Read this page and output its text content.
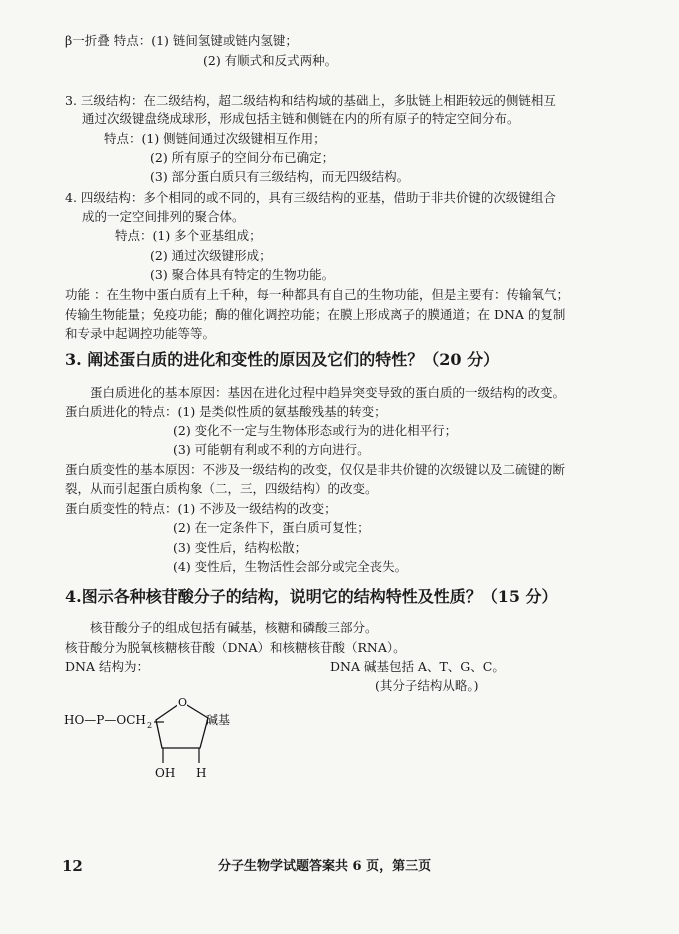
β一折叠 特点：(1) 链间氢键或链内氢键；
(2) 有顺式和反式两种。
3. 三级结构：在二级结构，超二级结构和结构域的基础上，多肽链上相距较远的侧链相互
通过次级键盘绕成球形，形成包括主链和侧链在内的所有原子的特定空间分布。
特点：(1) 侧链间通过次级键相互作用；
(2) 所有原子的空间分布已确定；
(3) 部分蛋白质只有三级结构，而无四级结构。
4. 四级结构：多个相同的或不同的，具有三级结构的亚基，借助于非共价键的次级键组合
成的一定空间排列的聚合体。
特点：(1) 多个亚基组成；
(2) 通过次级键形成；
(3) 聚合体具有特定的生物功能。
功能 ：在生物中蛋白质有上千种，每一种都具有自己的生物功能，但是主要有：传输氧气；
传输生物能量；免疫功能；酶的催化调控功能；在膜上形成离子的膜通道；在 DNA 的复制
和专录中起调控功能等等。
3. 阐述蛋白质的进化和变性的原因及它们的特性？（20 分）
蛋白质进化的基本原因：基因在进化过程中趋异突变导致的蛋白质的一级结构的改变。
蛋白质进化的特点：(1) 是类似性质的氨基酸残基的转变；
(2) 变化不一定与生物体形态或行为的进化相平行；
(3) 可能朝有利或不利的方向进行。
蛋白质变性的基本原因：不涉及一级结构的改变，仅仅是非共价键的次级键以及二硫键的断
裂，从而引起蛋白质构象（二，三，四级结构）的改变。
蛋白质变性的特点：(1) 不涉及一级结构的改变；
(2) 在一定条件下，蛋白质可复性；
(3) 变性后，结构松散；
(4) 变性后，生物活性会部分或完全丧失。
4.图示各种核苷酸分子的结构，说明它的结构特性及性质？（15 分）
核苷酸分子的组成包括有碱基，核糖和磷酸三部分。
核苷酸分为脱氧核糖核苷酸（DNA）和核糖核苷酸（RNA）。
DNA 结构为：	DNA 碱基包括 A、T、G、C。
(其分子结构从略。)
HO—P—OCH 2
O
碱基
OH H
12	分子生物学试题答案共 6 页，第三页
